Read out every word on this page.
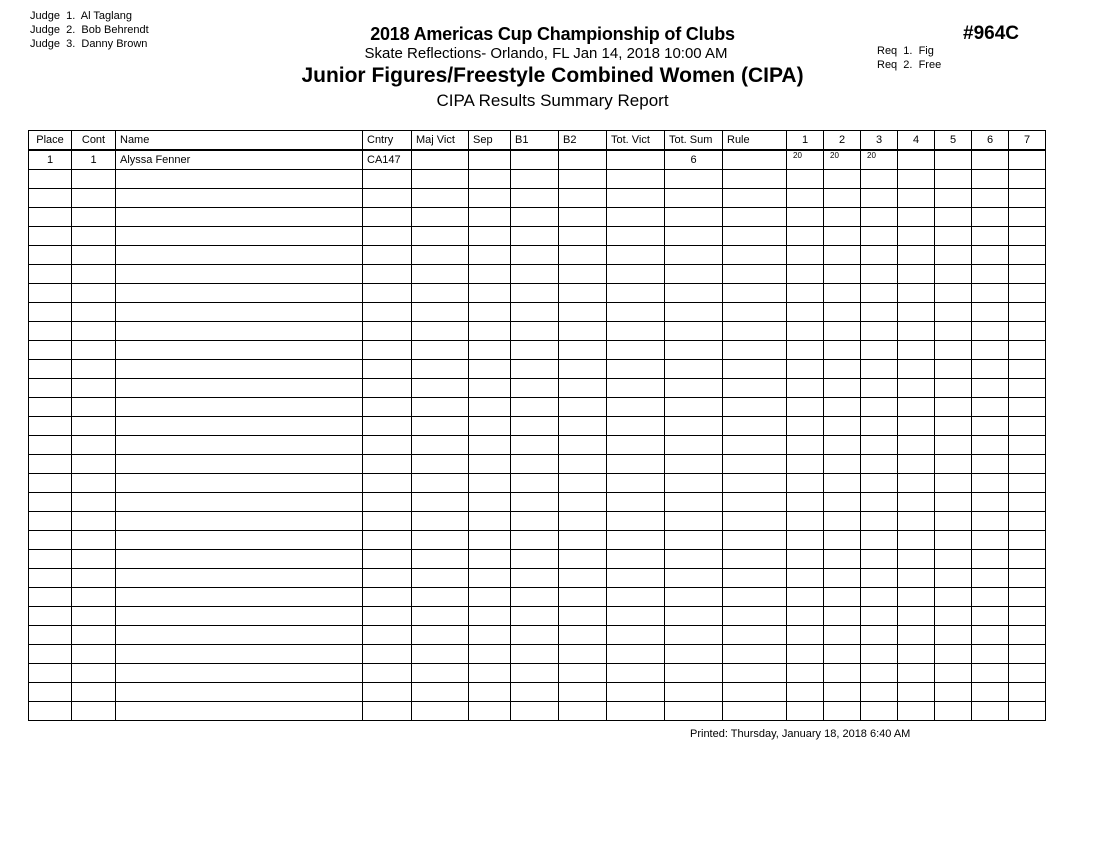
Judge  1.  Al Taglang
Judge  2.  Bob Behrendt
Judge  3.  Danny Brown	2018 Americas Cup Championship of Clubs
Skate Reflections- Orlando, FL Jan 14, 2018 10:00 AM
Junior Figures/Freestyle Combined Women (CIPA)
CIPA Results Summary Report
#964C
Req  1.  Fig
Req  2.  Free
Place	Cont	Name	Cntry	Maj Vict	Sep	B1	B2	Tot. Vict	Tot. Sum	Rule	1	2	3	4	5	6	7
1	1	Alyssa Fenner	CA147						6		20	20	20				

Printed: Thursday, January 18, 2018 6:40 AM
